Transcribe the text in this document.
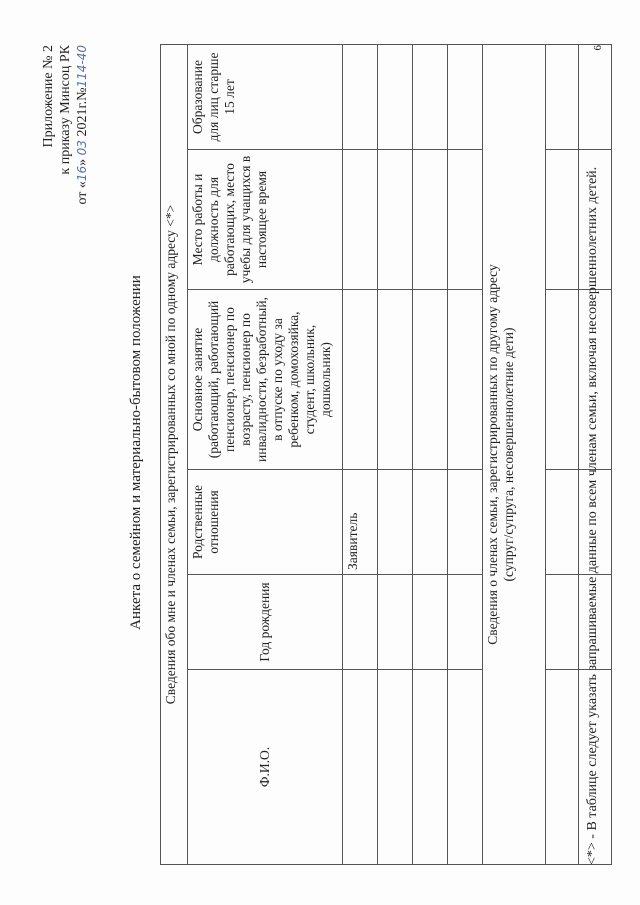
Приложение № 2 к приказу Минсоц РК
от «16» 03 2021г.№114-40
Анкета о семейном и материально-бытовом положении Сведения обо мне и членах семьи, зарегистрированных со мной по одному адресу <*>					
Ф.И.О.	Год рождения	Родственные отношения	Основное занятие (работающий, работающий пенсионер, пенсионер по возрасту, пенсионер по инвалидности, безработный, в отпуске по уходу за ребенком, домохозяйка, студент, школьник, дошкольник)	Место работы и должность для работающих, место учебы для учащихся в настоящее время	Образование для лиц старше 15 лет
		Заявитель			

Сведения о членах семьи, зарегистрированных по другому адресу (супруг/супруга, несовершеннолетние дети)					

						<*> - В таблице следует указать запрашиваемые данные по всем членам семьи, включая несовершеннолетних детей.
6
